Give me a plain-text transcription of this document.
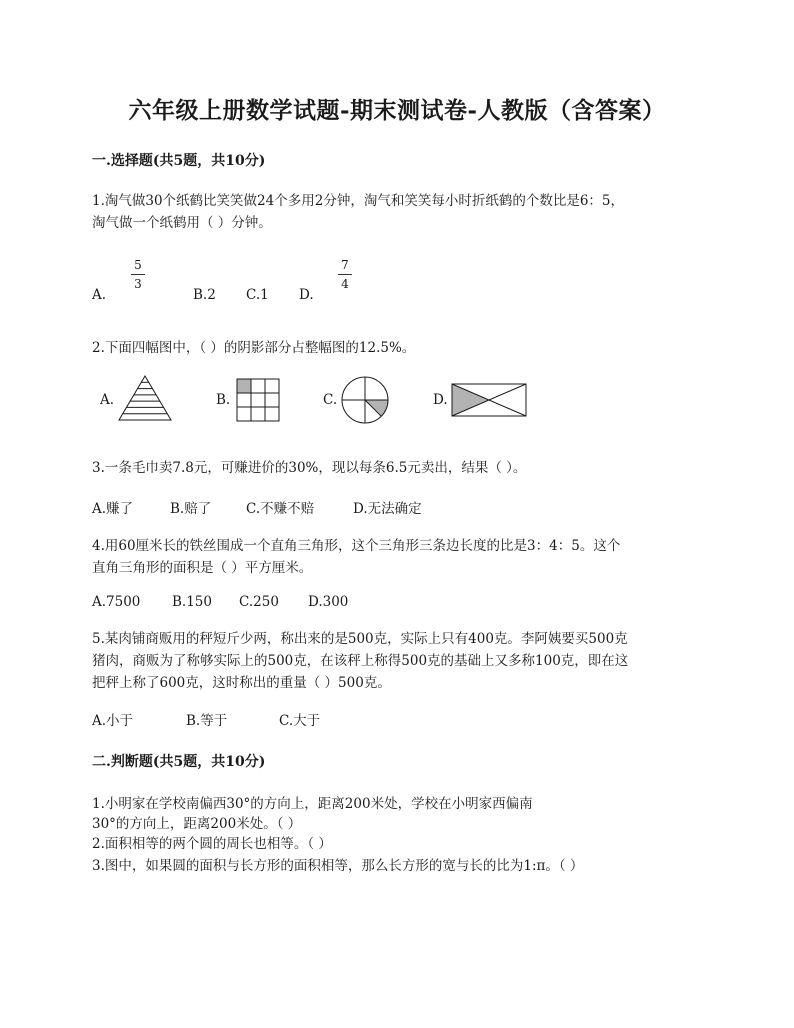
六年级上册数学试题-期末测试卷-人教版（含答案）
一.选择题(共5题，共10分)
1.淘气做30个纸鹤比笑笑做24个多用2分钟，淘气和笑笑每小时折纸鹤的个数比是6：5，
淘气做一个纸鹤用（ ）分钟。
A.
5
3
B.2 C.1 D.
7
4
2.下面四幅图中，（ ）的阴影部分占整幅图的12.5%。
A.	B.	C.	D.
3.一条毛巾卖7.8元，可赚进价的30%，现以每条6.5元卖出，结果（ ）。
A.赚了	B.赔了	C.不赚不赔	D.无法确定
4.用60厘米长的铁丝围成一个直角三角形，这个三角形三条边长度的比是3：4：5。这个
直角三角形的面积是（ ）平方厘米。
A.7500 B.150 C.250 D.300
5.某肉铺商贩用的秤短斤少两，称出来的是500克，实际上只有400克。李阿姨要买500克
猪肉，商贩为了称够实际上的500克，在该秤上称得500克的基础上又多称100克，即在这
把秤上称了600克，这时称出的重量（ ）500克。
A.小于	B.等于	C.大于
二.判断题(共5题，共10分)
1.小明家在学校南偏西30°的方向上，距离200米处，学校在小明家西偏南
30°的方向上，距离200米处。（ ）
2.面积相等的两个圆的周长也相等。（ ）
3.图中，如果圆的面积与长方形的面积相等，那么长方形的宽与长的比为1:π。（ ）
